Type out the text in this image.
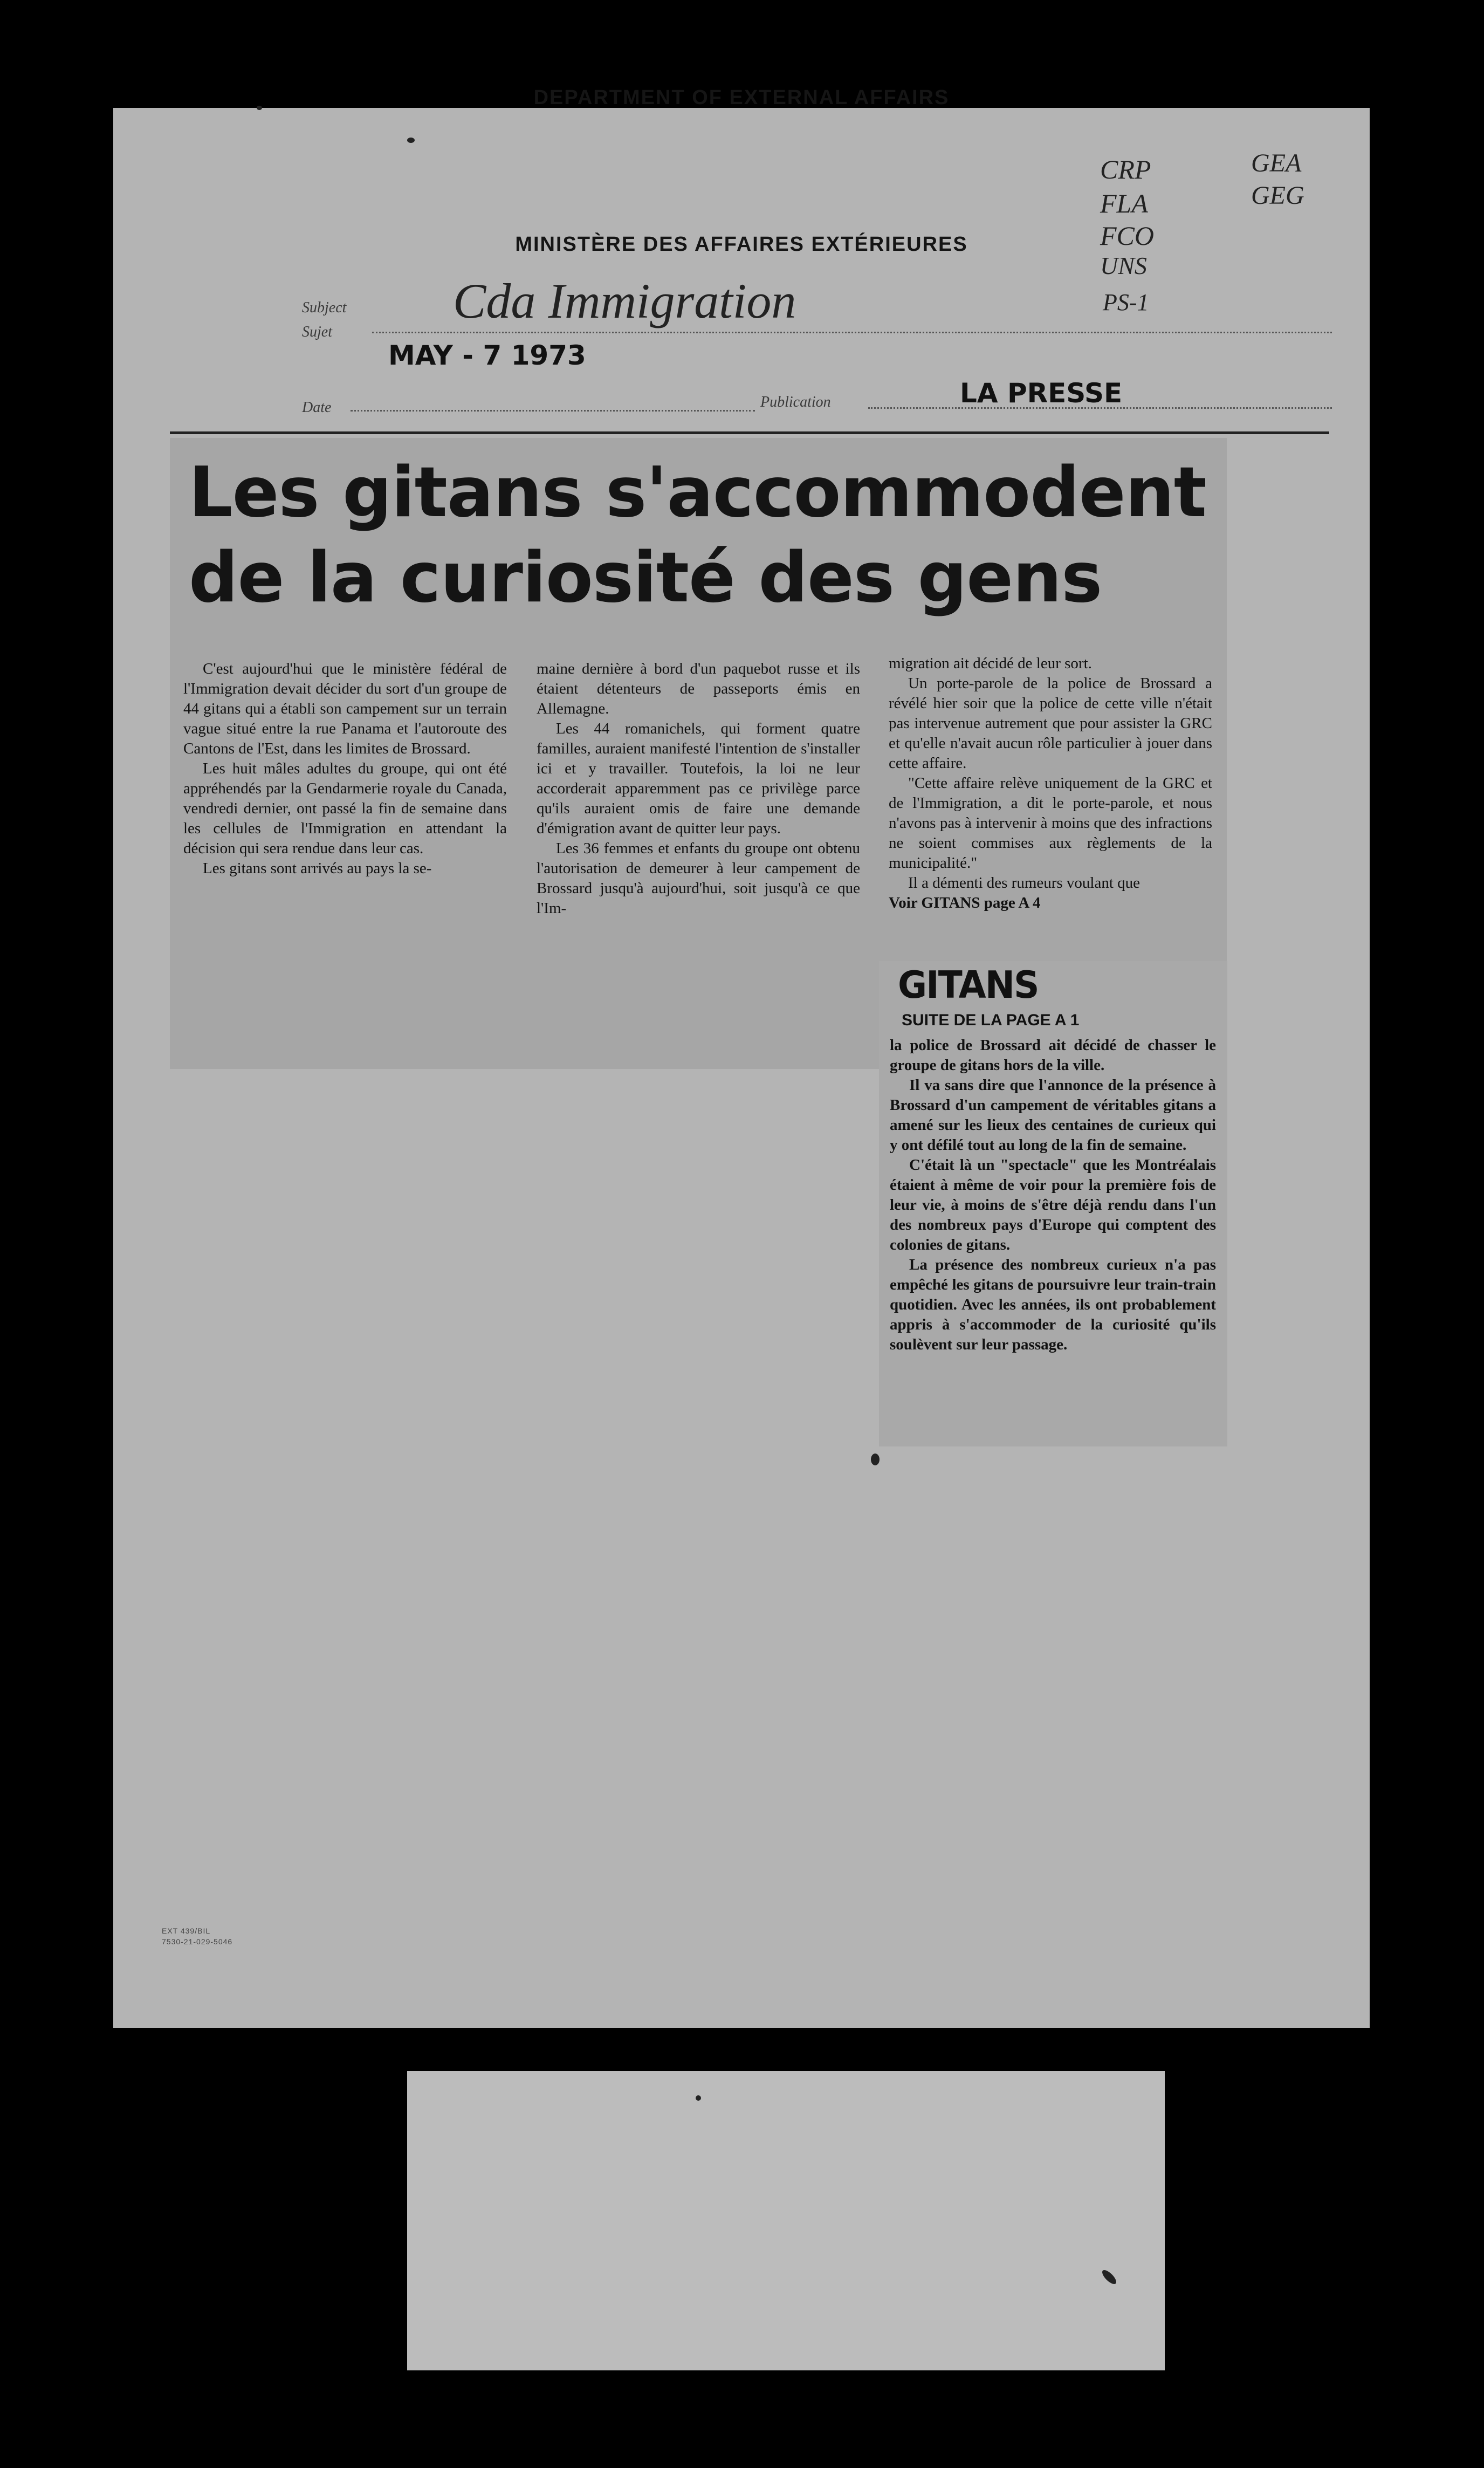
DEPARTMENT OF EXTERNAL AFFAIRS
MINISTÈRE DES AFFAIRES EXTÉRIEURES
Subject
Sujet
Cda Immigration
MAY - 7 1973
Date	Publication	LA PRESSE
CRP
FLA
FCO
UNS
PS-1
GEA
GEG
Les gitans s'accommodent
de la curiosité des gens

C'est aujourd'hui que le ministère fédéral de l'Immigration devait décider du sort d'un groupe de 44 gitans qui a établi son campement sur un terrain vague situé entre la rue Panama et l'autoroute des Cantons de l'Est, dans les limites de Brossard.

Les huit mâles adultes du groupe, qui ont été appréhendés par la Gendarmerie royale du Canada, vendredi dernier, ont passé la fin de semaine dans les cellules de l'Immigration en attendant la décision qui sera rendue dans leur cas.

Les gitans sont arrivés au pays la se-

maine dernière à bord d'un paquebot russe et ils étaient détenteurs de passeports émis en Allemagne.

Les 44 romanichels, qui forment quatre familles, auraient manifesté l'intention de s'installer ici et y travailler. Toutefois, la loi ne leur accorderait apparemment pas ce privilège parce qu'ils auraient omis de faire une demande d'émigration avant de quitter leur pays.

Les 36 femmes et enfants du groupe ont obtenu l'autorisation de demeurer à leur campement de Brossard jusqu'à aujourd'hui, soit jusqu'à ce que l'Im-

migration ait décidé de leur sort.

Un porte-parole de la police de Brossard a révélé hier soir que la police de cette ville n'était pas intervenue autrement que pour assister la GRC et qu'elle n'avait aucun rôle particulier à jouer dans cette affaire.

"Cette affaire relève uniquement de la GRC et de l'Immigration, a dit le porte-parole, et nous n'avons pas à intervenir à moins que des infractions ne soient commises aux règlements de la municipalité."

Il a démenti des rumeurs voulant que

Voir GITANS page A 4

GITANS
SUITE DE LA PAGE A 1

la police de Brossard ait décidé de chasser le groupe de gitans hors de la ville.

Il va sans dire que l'annonce de la présence à Brossard d'un campement de véritables gitans a amené sur les lieux des centaines de curieux qui y ont défilé tout au long de la fin de semaine.

C'était là un "spectacle" que les Montréalais étaient à même de voir pour la première fois de leur vie, à moins de s'être déjà rendu dans l'un des nombreux pays d'Europe qui comptent des colonies de gitans.

La présence des nombreux curieux n'a pas empêché les gitans de poursuivre leur train-train quotidien. Avec les années, ils ont probablement appris à s'accommoder de la curiosité qu'ils soulèvent sur leur passage.

EXT 439/BIL
7530-21-029-5046
